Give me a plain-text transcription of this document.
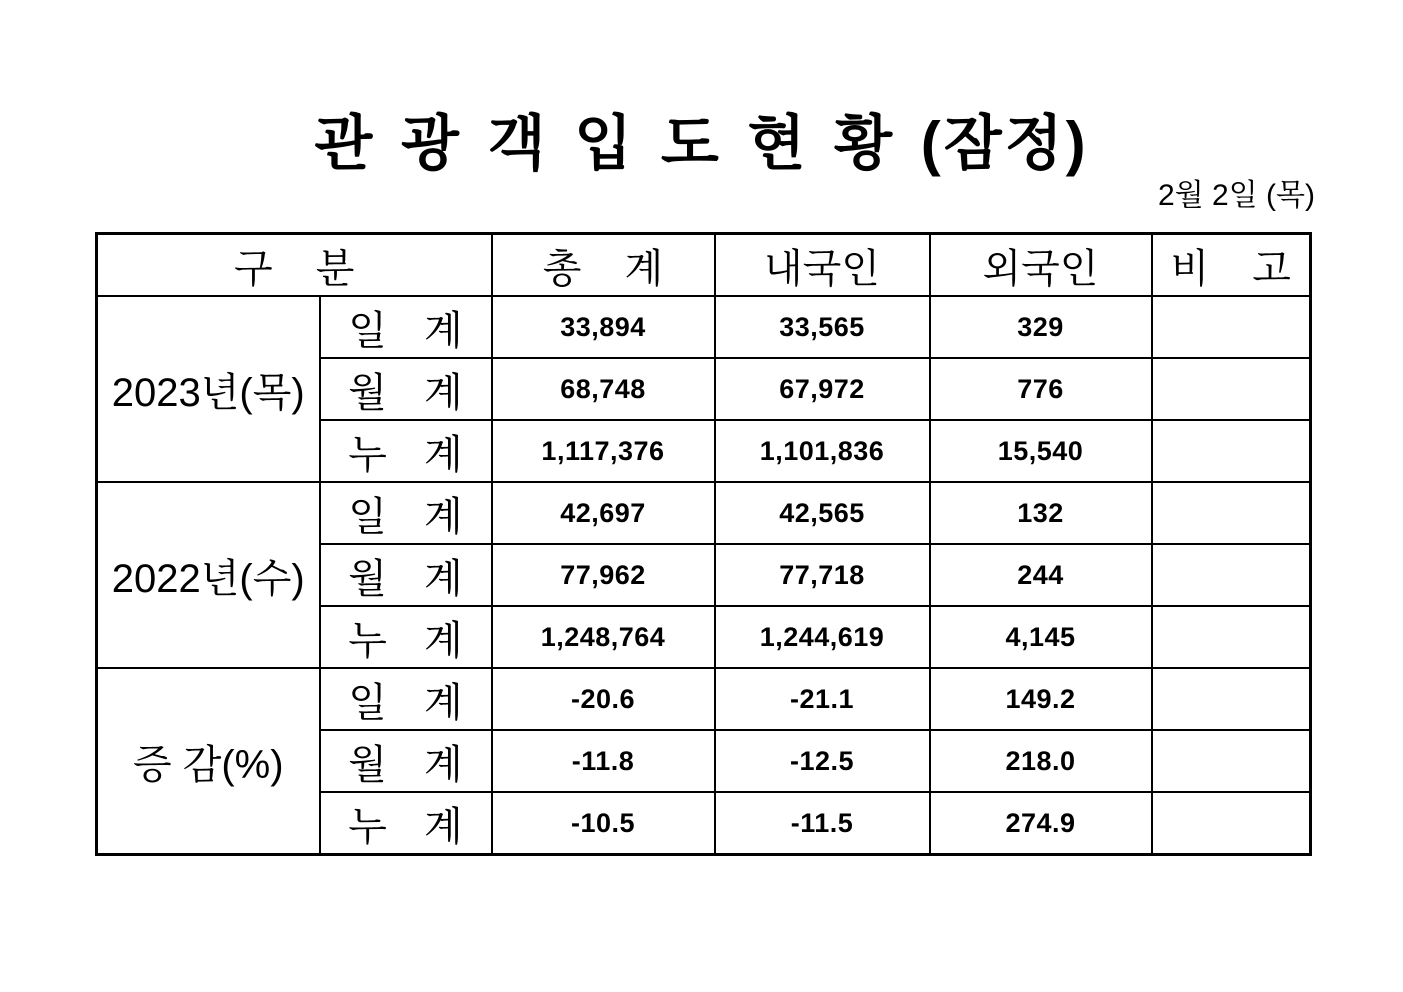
관 광 객 입 도 현 황 (잠정)
2월 2일 (목)
구 분		총 계	내국인	외국인	비 고
2023년(목)	일 계	33,894	33,565	329	
	월 계	68,748	67,972	776	
	누 계	1,117,376	1,101,836	15,540	
2022년(수)	일 계	42,697	42,565	132	
	월 계	77,962	77,718	244	
	누 계	1,248,764	1,244,619	4,145	
증 감(%)	일 계	-20.6	-21.1	149.2	
	월 계	-11.8	-12.5	218.0	
	누 계	-10.5	-11.5	274.9	
